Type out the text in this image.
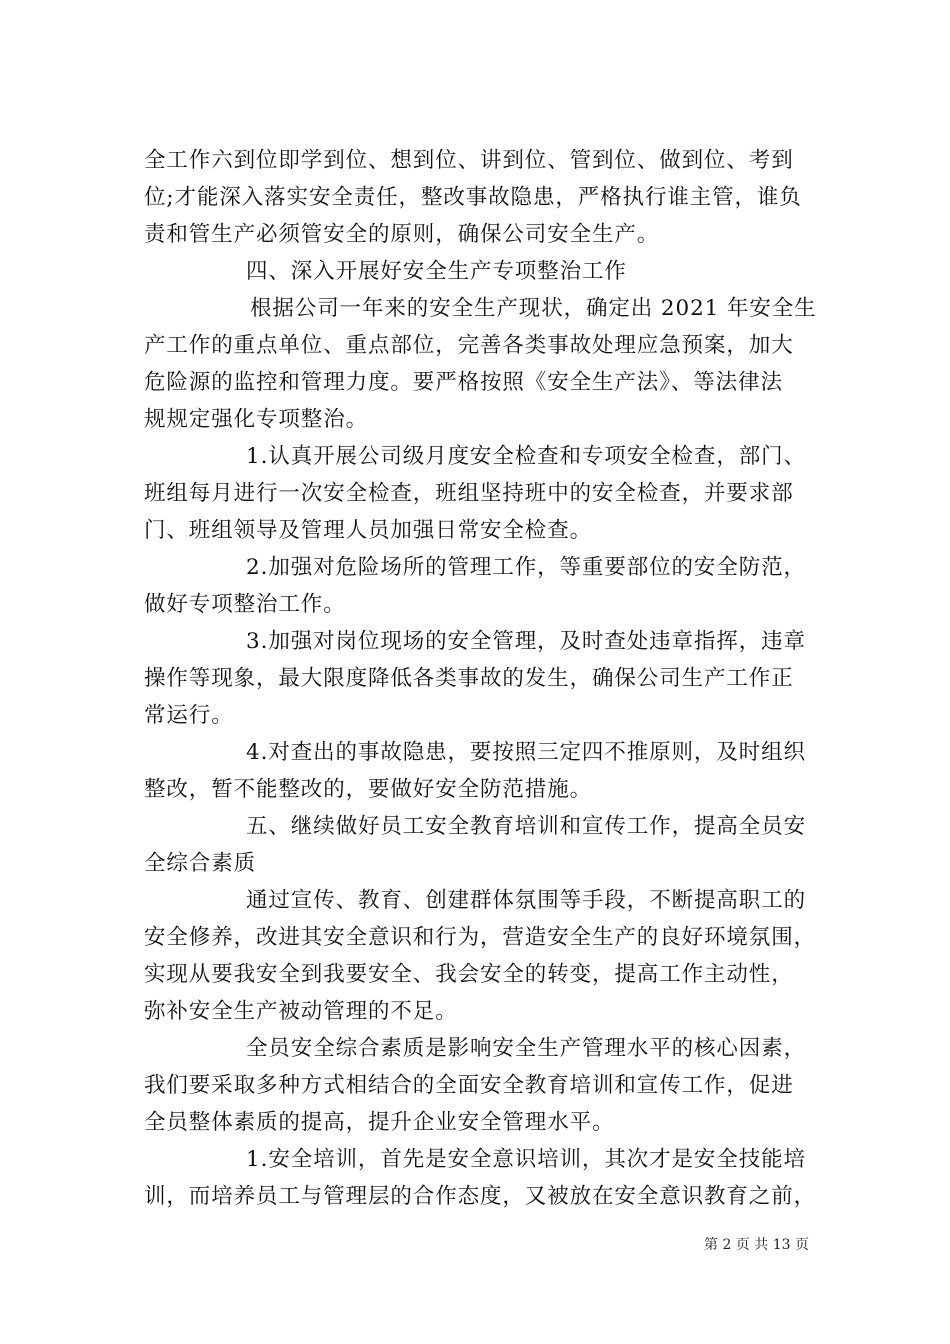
全工作六到位即学到位、想到位、讲到位、管到位、做到位、考到
位;才能深入落实安全责任，整改事故隐患，严格执行谁主管，谁负
责和管生产必须管安全的原则，确保公司安全生产。
四、深入开展好安全生产专项整治工作
根据公司一年来的安全生产现状，确定出 2021 年安全生
产工作的重点单位、重点部位，完善各类事故处理应急预案，加大
危险源的监控和管理力度。要严格按照《安全生产法》、等法律法
规规定强化专项整治。
1.认真开展公司级月度安全检查和专项安全检查，部门、
班组每月进行一次安全检查，班组坚持班中的安全检查，并要求部
门、班组领导及管理人员加强日常安全检查。
2.加强对危险场所的管理工作，等重要部位的安全防范，
做好专项整治工作。
3.加强对岗位现场的安全管理，及时查处违章指挥，违章
操作等现象，最大限度降低各类事故的发生，确保公司生产工作正
常运行。
4.对查出的事故隐患，要按照三定四不推原则，及时组织
整改，暂不能整改的，要做好安全防范措施。
五、继续做好员工安全教育培训和宣传工作，提高全员安
全综合素质
通过宣传、教育、创建群体氛围等手段，不断提高职工的
安全修养，改进其安全意识和行为，营造安全生产的良好环境氛围，
实现从要我安全到我要安全、我会安全的转变，提高工作主动性，
弥补安全生产被动管理的不足。
全员安全综合素质是影响安全生产管理水平的核心因素，
我们要采取多种方式相结合的全面安全教育培训和宣传工作，促进
全员整体素质的提高，提升企业安全管理水平。
1.安全培训，首先是安全意识培训，其次才是安全技能培
训，而培养员工与管理层的合作态度，又被放在安全意识教育之前，
第 2 页 共 13 页
